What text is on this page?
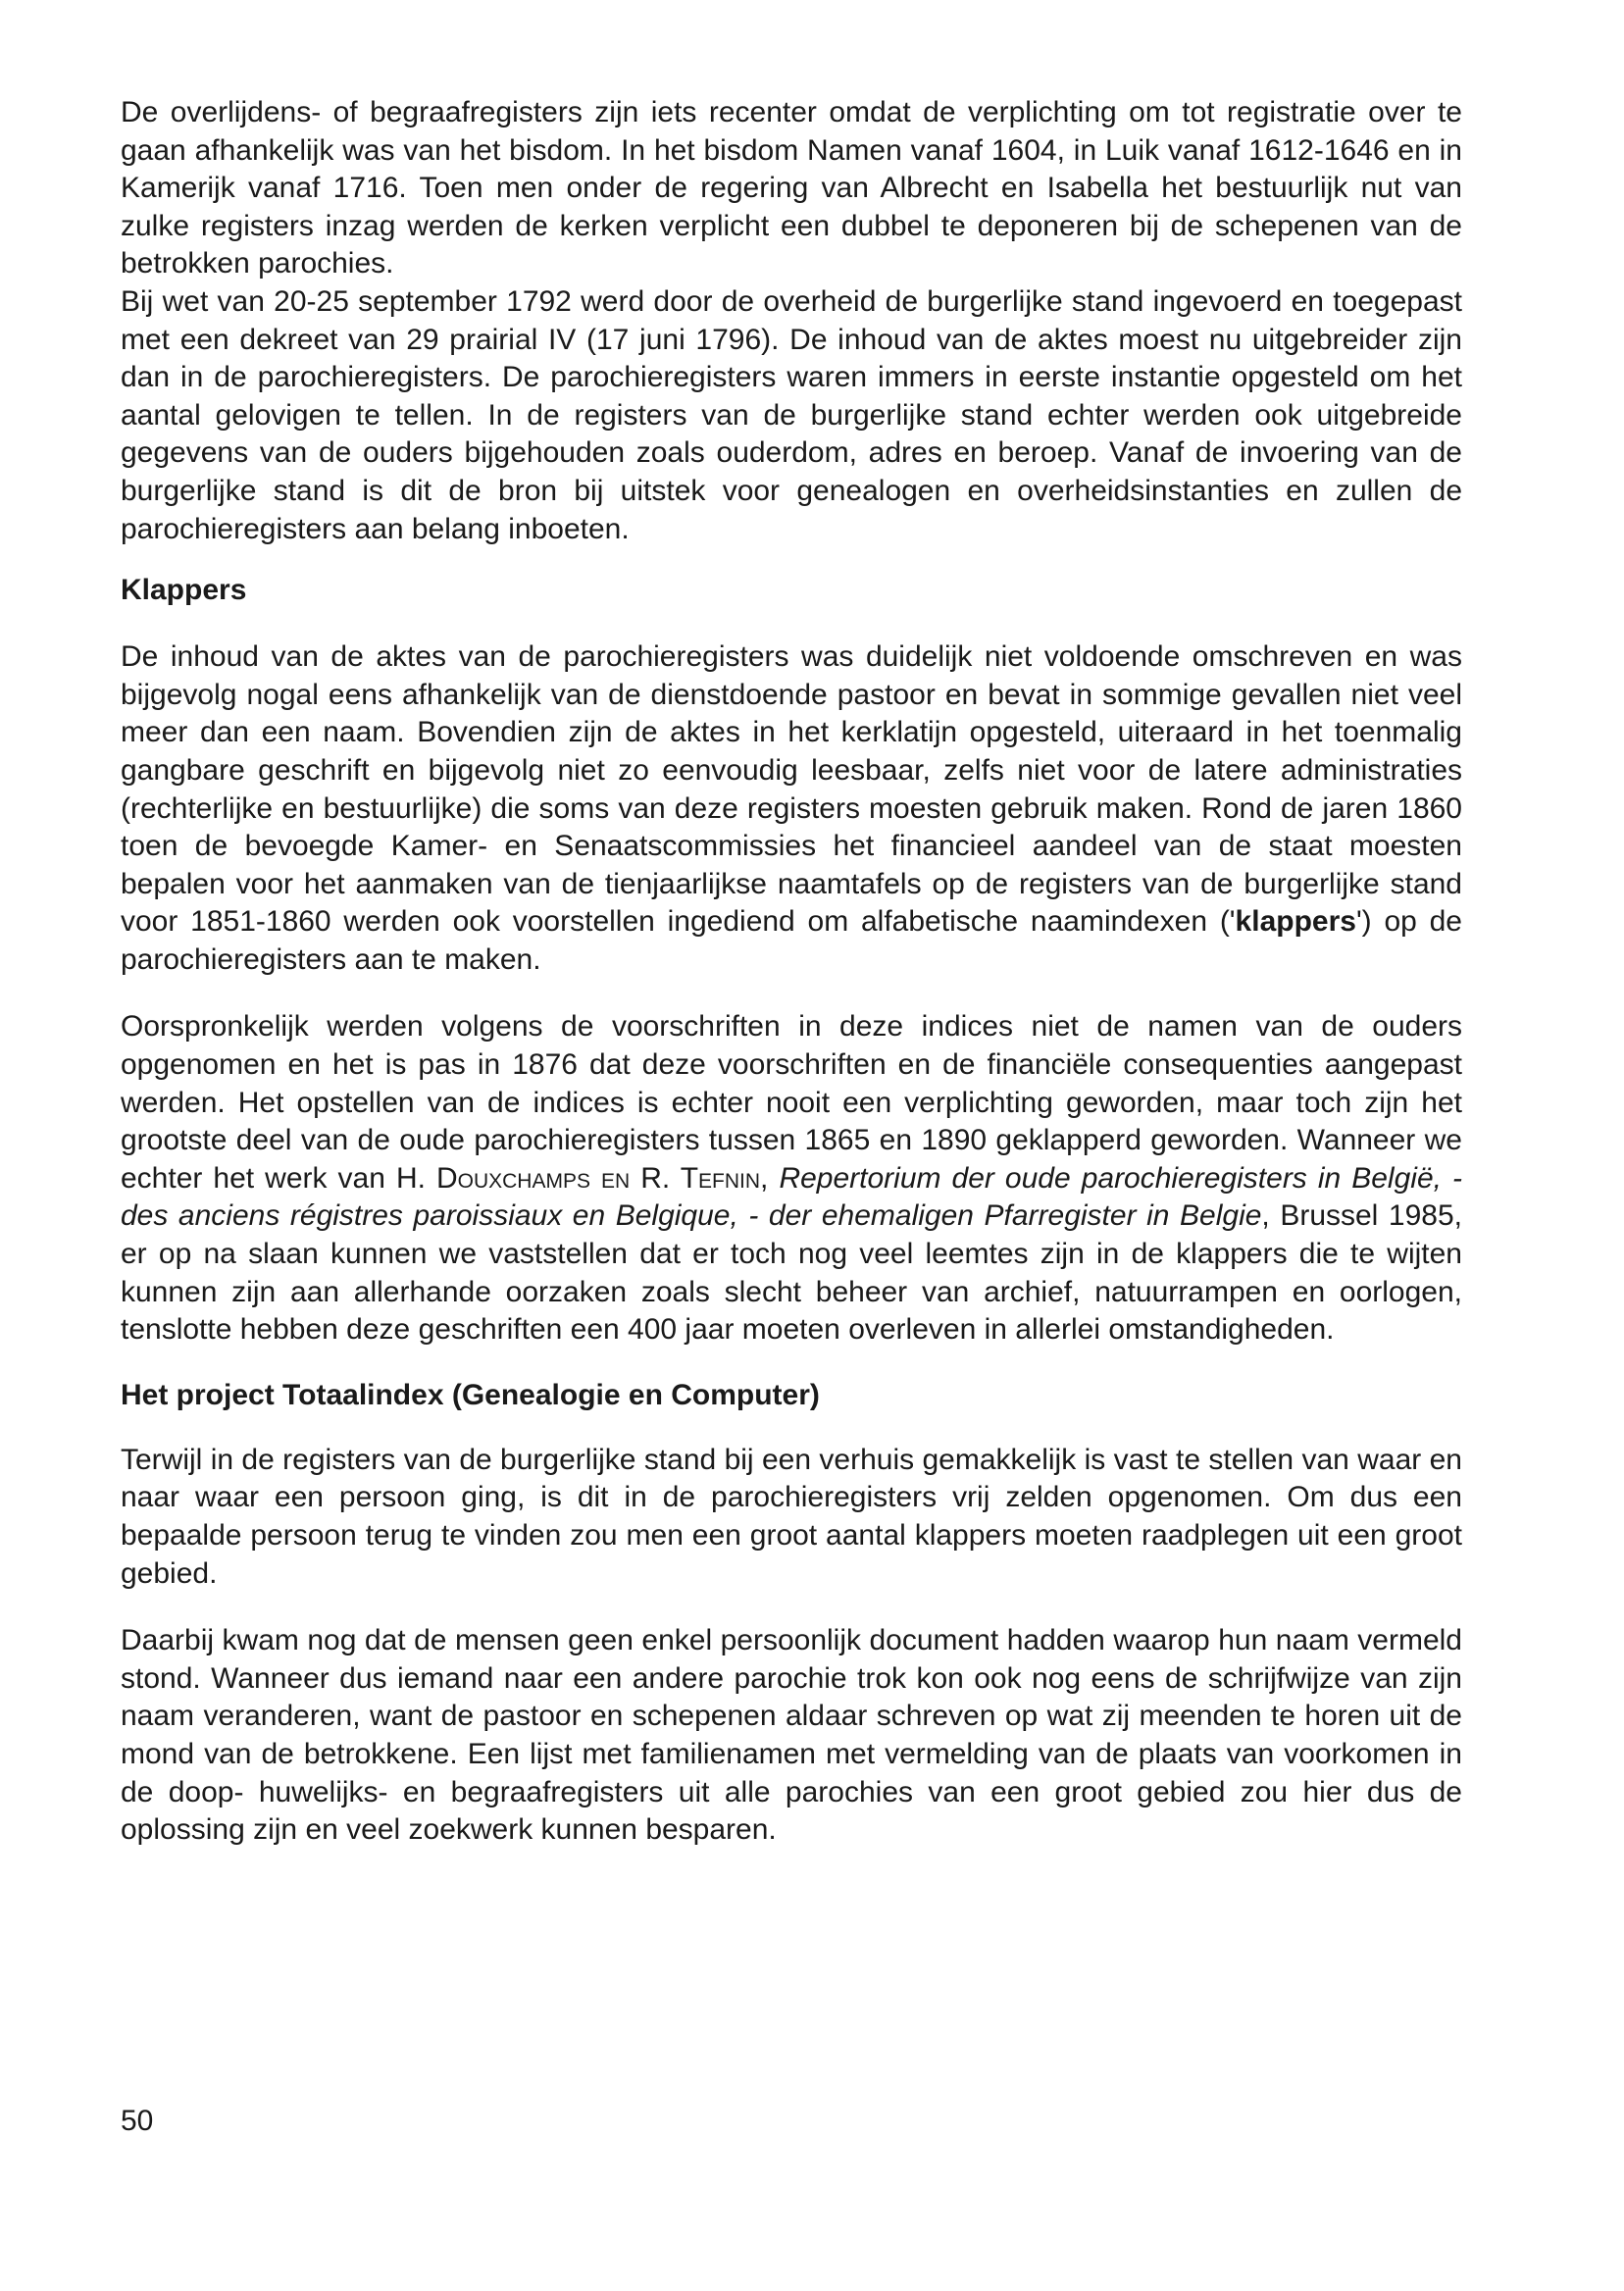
De overlijdens- of begraafregisters zijn iets recenter omdat de verplichting om tot registratie over te gaan afhankelijk was van het bisdom. In het bisdom Namen vanaf 1604, in Luik vanaf 1612-1646 en in Kamerijk vanaf 1716. Toen men onder de regering van Albrecht en Isabella het bestuurlijk nut van zulke registers inzag werden de kerken verplicht een dubbel te deponeren bij de schepenen van de betrokken parochies.

Bij wet van 20-25 september 1792 werd door de overheid de burgerlijke stand ingevoerd en toegepast met een dekreet van 29 prairial IV (17 juni 1796). De inhoud van de aktes moest nu uitgebreider zijn dan in de parochieregisters. De parochieregisters waren immers in eerste instantie opgesteld om het aantal gelovigen te tellen. In de registers van de burgerlijke stand echter werden ook uitgebreide gegevens van de ouders bijgehouden zoals ouderdom, adres en beroep. Vanaf de invoering van de burgerlijke stand is dit de bron bij uitstek voor genealogen en overheidsinstanties en zullen de parochieregisters aan belang inboeten.

Klappers

De inhoud van de aktes van de parochieregisters was duidelijk niet voldoende omschreven en was bijgevolg nogal eens afhankelijk van de dienstdoende pastoor en bevat in sommige gevallen niet veel meer dan een naam. Bovendien zijn de aktes in het kerklatijn opgesteld, uiteraard in het toenmalig gangbare geschrift en bijgevolg niet zo eenvoudig leesbaar, zelfs niet voor de latere administraties (rechterlijke en bestuurlijke) die soms van deze registers moesten gebruik maken. Rond de jaren 1860 toen de bevoegde Kamer- en Senaatscommissies het financieel aandeel van de staat moesten bepalen voor het aanmaken van de tienjaarlijkse naamtafels op de registers van de burgerlijke stand voor 1851-1860 werden ook voorstellen ingediend om alfabetische naamindexen ('klappers') op de parochieregisters aan te maken.

Oorspronkelijk werden volgens de voorschriften in deze indices niet de namen van de ouders opgenomen en het is pas in 1876 dat deze voorschriften en de financiële consequenties aangepast werden. Het opstellen van de indices is echter nooit een verplichting geworden, maar toch zijn het grootste deel van de oude parochieregisters tussen 1865 en 1890 geklapperd geworden. Wanneer we echter het werk van H. Douxchamps en R. Tefnin, Repertorium der oude parochieregisters in België, - des anciens régistres paroissiaux en Belgique, - der ehemaligen Pfarregister in Belgie, Brussel 1985, er op na slaan kunnen we vaststellen dat er toch nog veel leemtes zijn in de klappers die te wijten kunnen zijn aan allerhande oorzaken zoals slecht beheer van archief, natuurrampen en oorlogen, tenslotte hebben deze geschriften een 400 jaar moeten overleven in allerlei omstandigheden.

Het project Totaalindex (Genealogie en Computer)

Terwijl in de registers van de burgerlijke stand bij een verhuis gemakkelijk is vast te stellen van waar en naar waar een persoon ging, is dit in de parochieregisters vrij zelden opgenomen. Om dus een bepaalde persoon terug te vinden zou men een groot aantal klappers moeten raadplegen uit een groot gebied.

Daarbij kwam nog dat de mensen geen enkel persoonlijk document hadden waarop hun naam vermeld stond. Wanneer dus iemand naar een andere parochie trok kon ook nog eens de schrijfwijze van zijn naam veranderen, want de pastoor en schepenen aldaar schreven op wat zij meenden te horen uit de mond van de betrokkene. Een lijst met familienamen met vermelding van de plaats van voorkomen in de doop- huwelijks- en begraafregisters uit alle parochies van een groot gebied zou hier dus de oplossing zijn en veel zoekwerk kunnen besparen.

50
